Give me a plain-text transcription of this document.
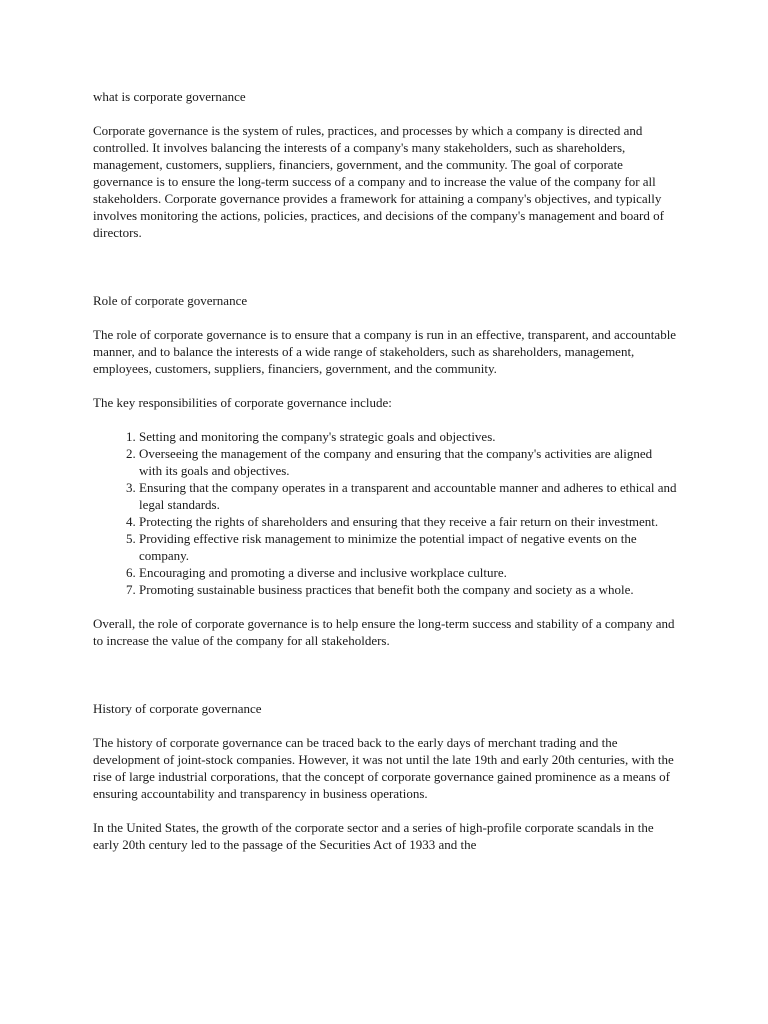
what is corporate governance

Corporate governance is the system of rules, practices, and processes by which a company is directed and controlled. It involves balancing the interests of a company's many stakeholders, such as shareholders, management, customers, suppliers, financiers, government, and the community. The goal of corporate governance is to ensure the long-term success of a company and to increase the value of the company for all stakeholders. Corporate governance provides a framework for attaining a company's objectives, and typically involves monitoring the actions, policies, practices, and decisions of the company's management and board of directors.

Role of corporate governance

The role of corporate governance is to ensure that a company is run in an effective, transparent, and accountable manner, and to balance the interests of a wide range of stakeholders, such as shareholders, management, employees, customers, suppliers, financiers, government, and the community.

The key responsibilities of corporate governance include:

1. Setting and monitoring the company's strategic goals and objectives.
2. Overseeing the management of the company and ensuring that the company's activities are aligned with its goals and objectives.
3. Ensuring that the company operates in a transparent and accountable manner and adheres to ethical and legal standards.
4. Protecting the rights of shareholders and ensuring that they receive a fair return on their investment.
5. Providing effective risk management to minimize the potential impact of negative events on the company.
6. Encouraging and promoting a diverse and inclusive workplace culture.
7. Promoting sustainable business practices that benefit both the company and society as a whole.

Overall, the role of corporate governance is to help ensure the long-term success and stability of a company and to increase the value of the company for all stakeholders.

History of corporate governance

The history of corporate governance can be traced back to the early days of merchant trading and the development of joint-stock companies. However, it was not until the late 19th and early 20th centuries, with the rise of large industrial corporations, that the concept of corporate governance gained prominence as a means of ensuring accountability and transparency in business operations.

In the United States, the growth of the corporate sector and a series of high-profile corporate scandals in the early 20th century led to the passage of the Securities Act of 1933 and the
